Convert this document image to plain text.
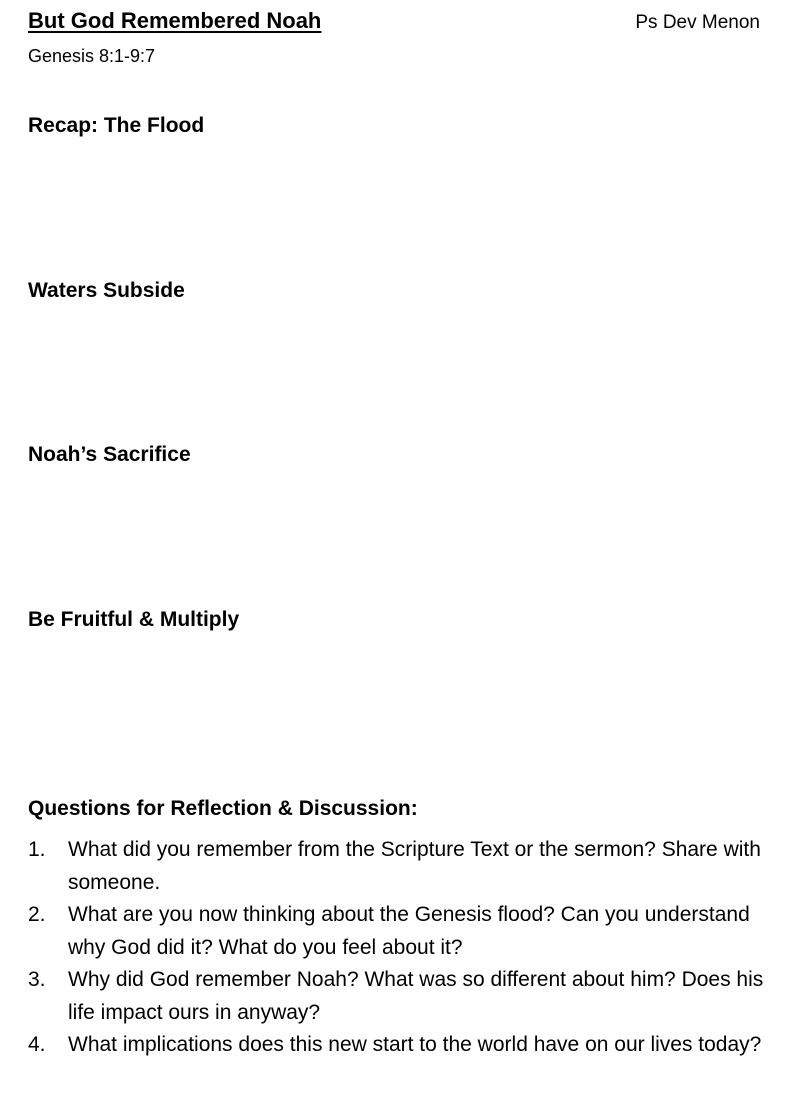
But God Remembered Noah	Ps Dev Menon
Genesis 8:1-9:7
Recap: The Flood
Waters Subside
Noah’s Sacrifice
Be Fruitful & Multiply
Questions for Reflection & Discussion:
1.	What did you remember from the Scripture Text or the sermon? Share with someone.
2.	What are you now thinking about the Genesis flood? Can you understand why God did it? What do you feel about it?
3.	Why did God remember Noah? What was so different about him? Does his life impact ours in anyway?
4.	What implications does this new start to the world have on our lives today?
